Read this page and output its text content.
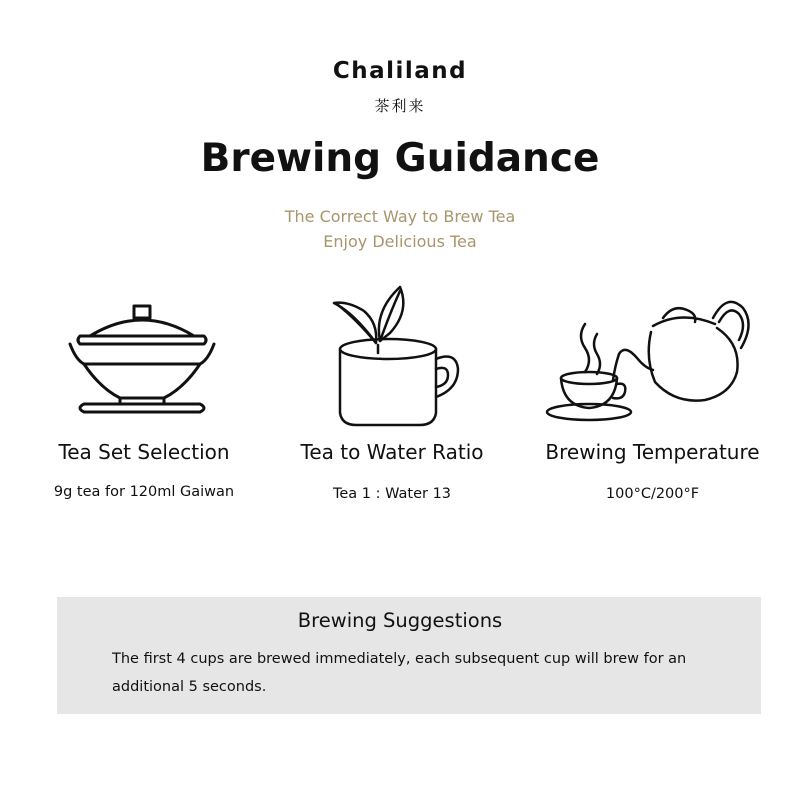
Chaliland
茶利来
Brewing Guidance
The Correct Way to Brew Tea
Enjoy Delicious Tea
Tea Set Selection	Tea to Water Ratio	Brewing Temperature
9g tea for 120ml Gaiwan	Tea 1 : Water 13	100°C/200°F
Brewing Suggestions
The first 4 cups are brewed immediately, each subsequent cup will brew for an additional 5 seconds.
